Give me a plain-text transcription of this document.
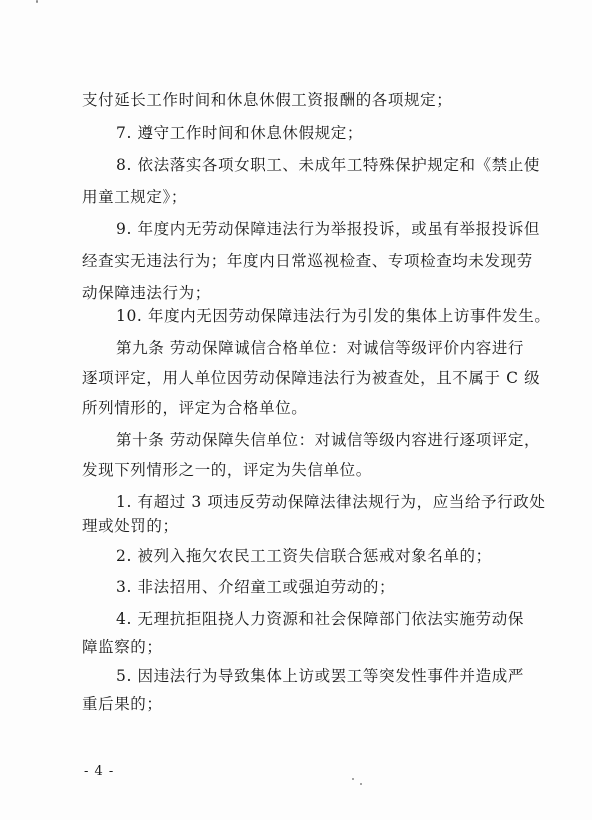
支付延长工作时间和休息休假工资报酬的各项规定；
7. 遵守工作时间和休息休假规定；
8. 依法落实各项女职工、未成年工特殊保护规定和《禁止使
用童工规定》；
9. 年度内无劳动保障违法行为举报投诉，或虽有举报投诉但
经查实无违法行为；年度内日常巡视检查、专项检查均未发现劳
动保障违法行为；
10. 年度内无因劳动保障违法行为引发的集体上访事件发生。
第九条 劳动保障诚信合格单位：对诚信等级评价内容进行
逐项评定，用人单位因劳动保障违法行为被查处，且不属于 C 级
所列情形的，评定为合格单位。
第十条 劳动保障失信单位：对诚信等级内容进行逐项评定，
发现下列情形之一的，评定为失信单位。
1. 有超过 3 项违反劳动保障法律法规行为，应当给予行政处
理或处罚的；
2. 被列入拖欠农民工工资失信联合惩戒对象名单的；
3. 非法招用、介绍童工或强迫劳动的；
4. 无理抗拒阻挠人力资源和社会保障部门依法实施劳动保
障监察的；
5. 因违法行为导致集体上访或罢工等突发性事件并造成严
重后果的；
- 4 -
